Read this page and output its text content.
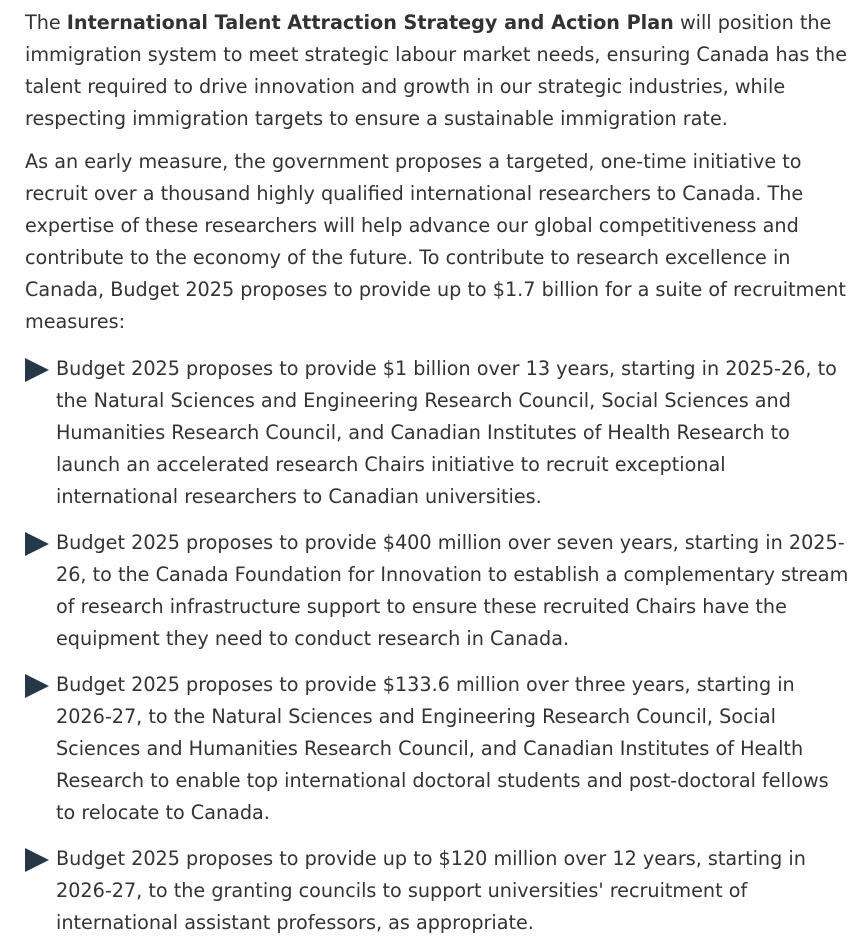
The International Talent Attraction Strategy and Action Plan will position the immigration system to meet strategic labour market needs, ensuring Canada has the talent required to drive innovation and growth in our strategic industries, while respecting immigration targets to ensure a sustainable immigration rate.

As an early measure, the government proposes a targeted, one-time initiative to recruit over a thousand highly qualified international researchers to Canada. The expertise of these researchers will help advance our global competitiveness and contribute to the economy of the future. To contribute to research excellence in Canada, Budget 2025 proposes to provide up to $1.7 billion for a suite of recruitment measures:

Budget 2025 proposes to provide $1 billion over 13 years, starting in 2025-26, to the Natural Sciences and Engineering Research Council, Social Sciences and Humanities Research Council, and Canadian Institutes of Health Research to launch an accelerated research Chairs initiative to recruit exceptional international researchers to Canadian universities.
Budget 2025 proposes to provide $400 million over seven years, starting in 2025-26, to the Canada Foundation for Innovation to establish a complementary stream of research infrastructure support to ensure these recruited Chairs have the equipment they need to conduct research in Canada.
Budget 2025 proposes to provide $133.6 million over three years, starting in 2026-27, to the Natural Sciences and Engineering Research Council, Social Sciences and Humanities Research Council, and Canadian Institutes of Health Research to enable top international doctoral students and post-doctoral fellows to relocate to Canada.
Budget 2025 proposes to provide up to $120 million over 12 years, starting in 2026-27, to the granting councils to support universities' recruitment of international assistant professors, as appropriate.
